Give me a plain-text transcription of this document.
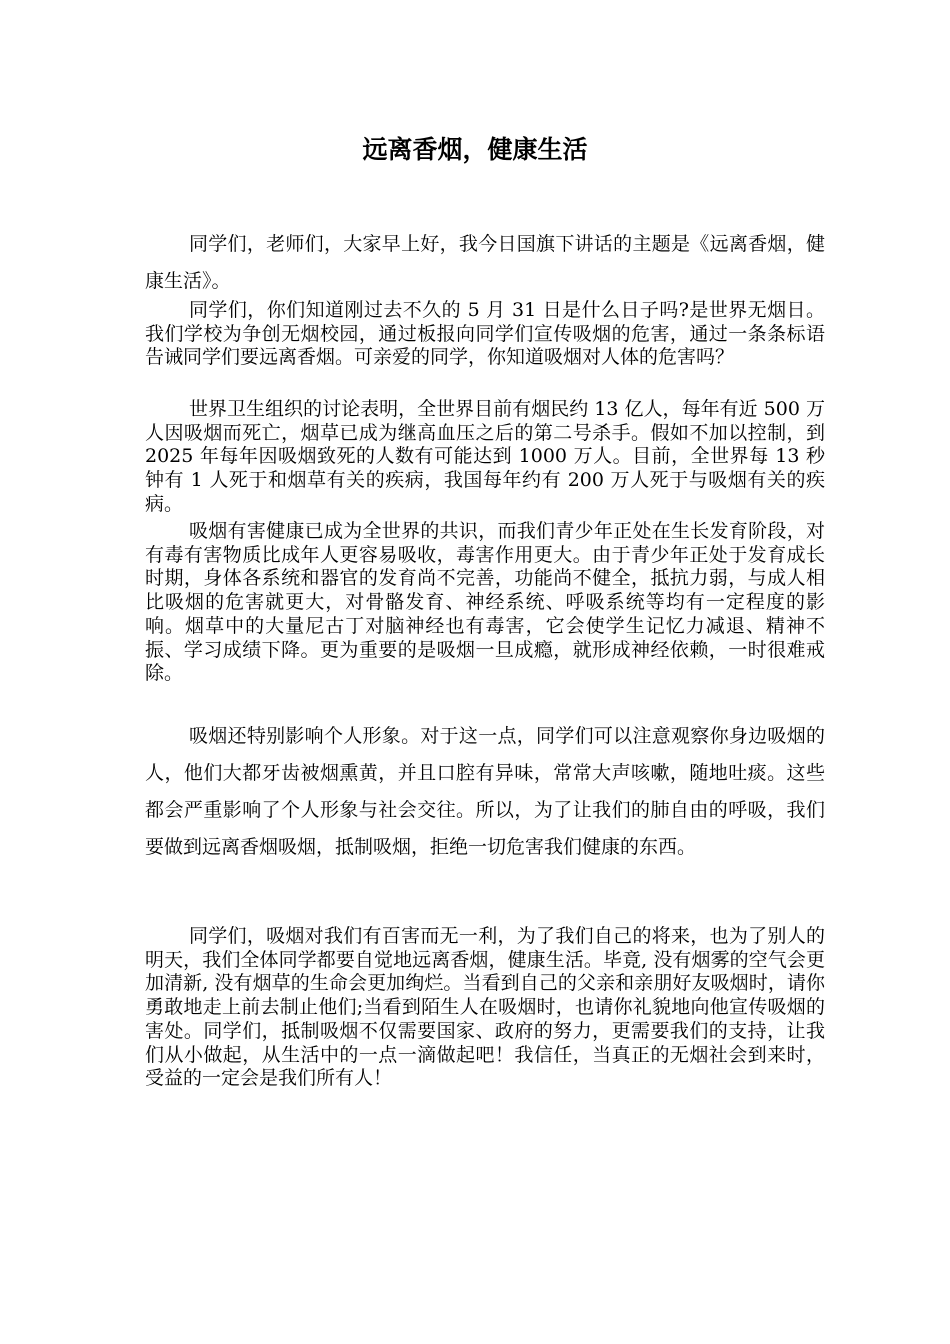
远离香烟，健康生活

同学们，老师们，大家早上好，我今日国旗下讲话的主题是《远离香烟，健康生活》。

同学们，你们知道刚过去不久的 5 月 31 日是什么日子吗?是世界无烟日。我们学校为争创无烟校园，通过板报向同学们宣传吸烟的危害，通过一条条标语告诫同学们要远离香烟。可亲爱的同学，你知道吸烟对人体的危害吗？

世界卫生组织的讨论表明，全世界目前有烟民约 13 亿人，每年有近 500 万人因吸烟而死亡，烟草已成为继高血压之后的第二号杀手。假如不加以控制，到 2025 年每年因吸烟致死的人数有可能达到 1000 万人。目前，全世界每 13 秒钟有 1 人死于和烟草有关的疾病，我国每年约有 200 万人死于与吸烟有关的疾病。

吸烟有害健康已成为全世界的共识，而我们青少年正处在生长发育阶段，对有毒有害物质比成年人更容易吸收，毒害作用更大。由于青少年正处于发育成长时期，身体各系统和器官的发育尚不完善，功能尚不健全，抵抗力弱，与成人相比吸烟的危害就更大，对骨骼发育、神经系统、呼吸系统等均有一定程度的影响。烟草中的大量尼古丁对脑神经也有毒害，它会使学生记忆力减退、精神不振、学习成绩下降。更为重要的是吸烟一旦成瘾，就形成神经依赖，一时很难戒除。

吸烟还特别影响个人形象。对于这一点，同学们可以注意观察你身边吸烟的人，他们大都牙齿被烟熏黄，并且口腔有异味，常常大声咳嗽，随地吐痰。这些都会严重影响了个人形象与社会交往。所以，为了让我们的肺自由的呼吸，我们要做到远离香烟吸烟，抵制吸烟，拒绝一切危害我们健康的东西。

同学们，吸烟对我们有百害而无一利，为了我们自己的将来，也为了别人的明天，我们全体同学都要自觉地远离香烟，健康生活。毕竟, 没有烟雾的空气会更加清新, 没有烟草的生命会更加绚烂。当看到自己的父亲和亲朋好友吸烟时，请你勇敢地走上前去制止他们;当看到陌生人在吸烟时，也请你礼貌地向他宣传吸烟的害处。同学们，抵制吸烟不仅需要国家、政府的努力，更需要我们的支持，让我们从小做起，从生活中的一点一滴做起吧！我信任，当真正的无烟社会到来时，受益的一定会是我们所有人！
